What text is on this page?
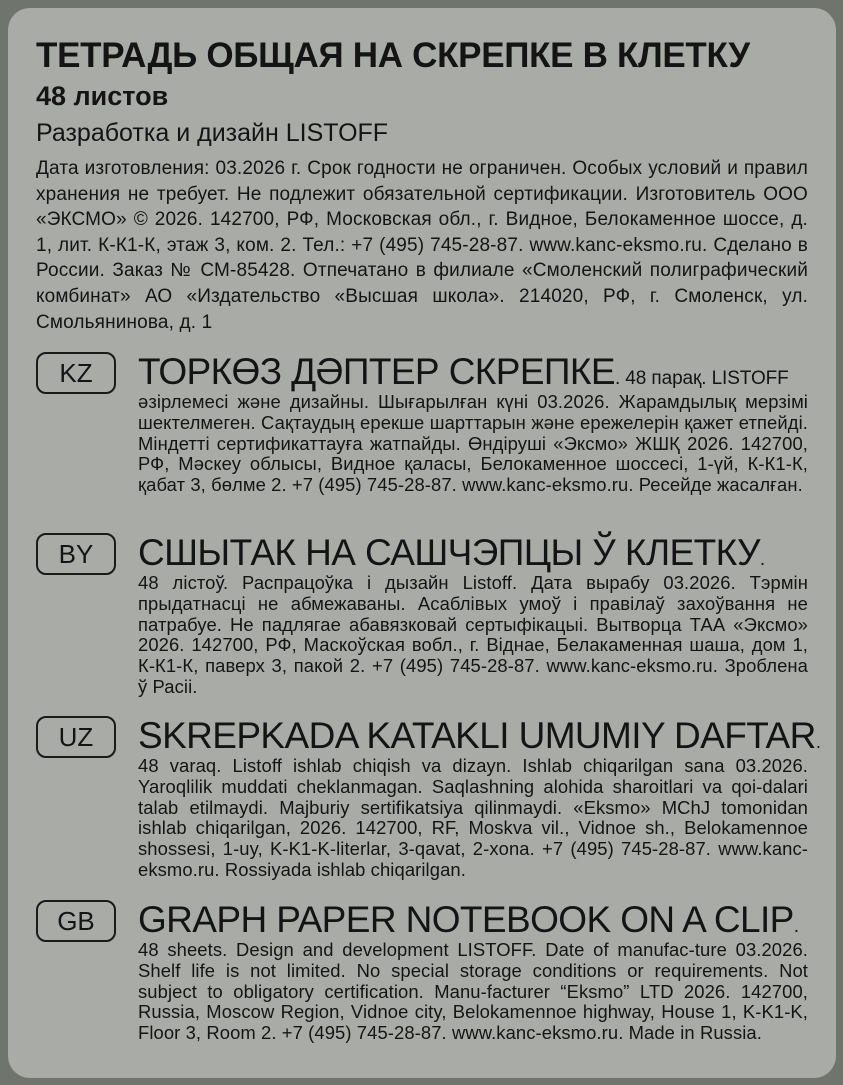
ТЕТРАДЬ ОБЩАЯ НА СКРЕПКЕ В КЛЕТКУ
48 листов
Разработка и дизайн LISTOFF
Дата изготовления: 03.2026 г. Срок годности не ограничен. Особых условий и правил хранения не требует. Не подлежит обязательной сертификации. Изготовитель ООО «ЭКСМО» © 2026. 142700, РФ, Московская обл., г. Видное, Белокаменное шоссе, д. 1, лит. К-К1-К, этаж 3, ком. 2. Тел.: +7 (495) 745-28-87. www.kanc-eksmo.ru. Сделано в России. Заказ № СМ-85428. Отпечатано в филиале «Смоленский полиграфический комбинат» АО «Издательство «Высшая школа». 214020, РФ, г. Смоленск, ул. Смольянинова, д. 1
KZ	ТОРКӨЗ ДӘПТЕР СКРЕПКЕ. 48 парақ. LISTOFF
әзірлемесі және дизайны. Шығарылған күні 03.2026. Жарамдылық мерзімі шектелмеген. Сақтаудың ерекше шарттарын және ережелерін қажет етпейді. Міндетті сертификаттауға жатпайды. Өндіруші «Эксмо» ЖШҚ 2026. 142700, РФ, Мәскеу облысы, Видное қаласы, Белокаменное шоссесі, 1-үй, К-К1-К, қабат 3, бөлме 2. +7 (495) 745-28-87. www.kanc-eksmo.ru. Ресейде жасалған.
BY	СШЫТАК НА САШЧЭПЦЫ Ў КЛЕТКУ.
48 лістоў. Распрацоўка і дызайн Listoff. Дата вырабу 03.2026. Тэрмін прыдатнасці не абмежаваны. Асаблівых умоў і правілаў захоўвання не патрабуе. Не падлягае абавязковай сертыфікацыі. Вытворца ТАА «Эксмо» 2026. 142700, РФ, Маскоўская вобл., г. Віднае, Белакаменная шаша, дом 1, К-К1-К, паверх 3, пакой 2. +7 (495) 745-28-87. www.kanc-eksmo.ru. Зроблена ў Расіі.
UZ	SKREPKADA KATAKLI UMUMIY DAFTAR.
48 varaq. Listoff ishlab chiqish va dizayn. Ishlab chiqarilgan sana 03.2026. Yaroqlilik muddati cheklanmagan. Saqlashning alohida sharoitlari va qoi-dalari talab etilmaydi. Majburiy sertifikatsiya qilinmaydi. «Eksmo» MChJ tomonidan ishlab chiqarilgan, 2026. 142700, RF, Moskva vil., Vidnoe sh., Belokamennoe shossesi, 1-uy, K-K1-K-literlar, 3-qavat, 2-xona. +7 (495) 745-28-87. www.kanc-eksmo.ru. Rossiyada ishlab chiqarilgan.
GB	GRAPH PAPER NOTEBOOK ON A CLIP.
48 sheets. Design and development LISTOFF. Date of manufac-ture 03.2026. Shelf life is not limited. No special storage conditions or requirements. Not subject to obligatory certification. Manu-facturer “Eksmo” LTD 2026. 142700, Russia, Moscow Region, Vidnoe city, Belokamennoe highway, House 1, K-K1-K, Floor 3, Room 2. +7 (495) 745-28-87. www.kanc-eksmo.ru. Made in Russia.
